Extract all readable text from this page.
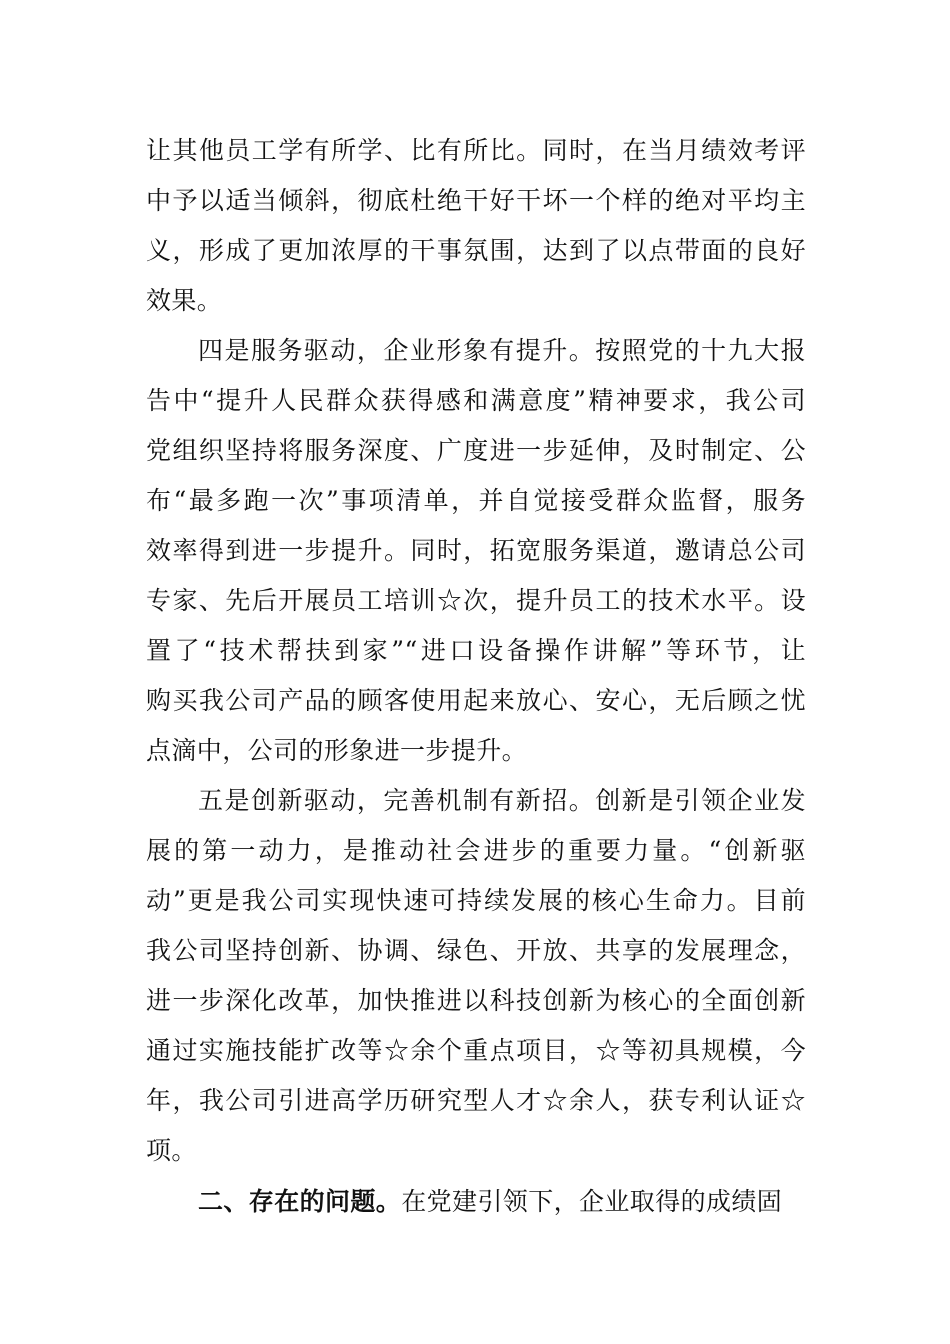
让其他员工学有所学、比有所比。同时，在当月绩效考评
中予以适当倾斜，彻底杜绝干好干坏一个样的绝对平均主
义，形成了更加浓厚的干事氛围，达到了以点带面的良好
效果。
四是服务驱动，企业形象有提升。按照党的十九大报
告中“提升人民群众获得感和满意度”精神要求，我公司
党组织坚持将服务深度、广度进一步延伸，及时制定、公
布“最多跑一次”事项清单，并自觉接受群众监督，服务
效率得到进一步提升。同时，拓宽服务渠道，邀请总公司
专家、先后开展员工培训☆次，提升员工的技术水平。设
置了“技术帮扶到家”“进口设备操作讲解”等环节，让
购买我公司产品的顾客使用起来放心、安心，无后顾之忧
点滴中，公司的形象进一步提升。
五是创新驱动，完善机制有新招。创新是引领企业发
展的第一动力，是推动社会进步的重要力量。“创新驱
动”更是我公司实现快速可持续发展的核心生命力。目前
我公司坚持创新、协调、绿色、开放、共享的发展理念，
进一步深化改革，加快推进以科技创新为核心的全面创新
通过实施技能扩改等☆余个重点项目，☆等初具规模，今
年，我公司引进高学历研究型人才☆余人，获专利认证☆
项。
二、存在的问题。在党建引领下，企业取得的成绩固
